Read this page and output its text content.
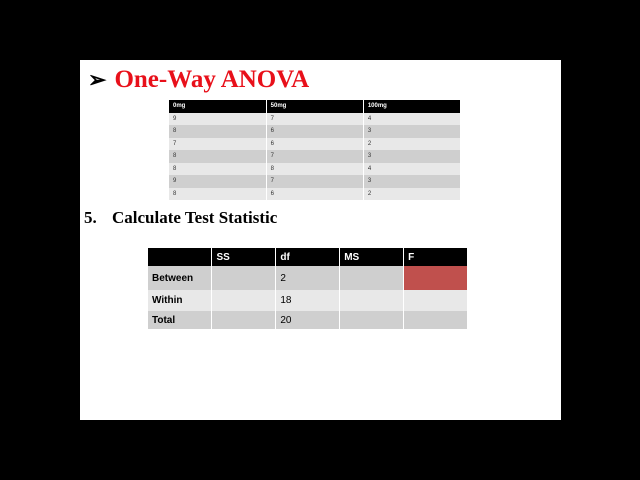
➢ One-Way ANOVA
0mg	50mg	100mg
9	7	4
8	6	3
7	6	2
8	7	3
8	8	4
9	7	3
8	6	2
5. Calculate Test Statistic
	SS	df	MS	F
Between		2		
Within		18		
Total		20		
